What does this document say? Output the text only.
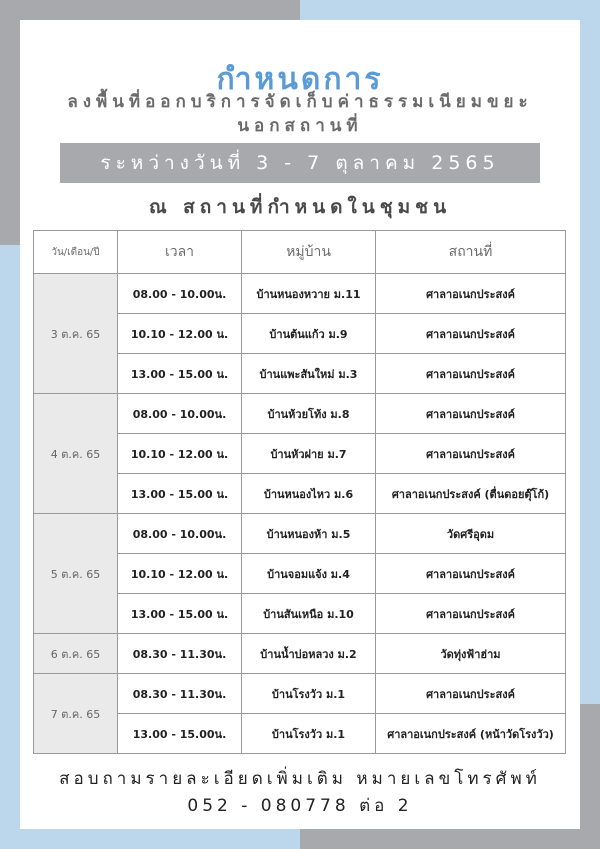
กำหนดการ
ลงพื้นที่ออกบริการจัดเก็บค่าธรรมเนียมขยะนอกสถานที่
ระหว่างวันที่ 3 - 7 ตุลาคม 2565
ณ สถานที่กำหนดในชุมชน
วัน/เดือน/ปี	เวลา	หมู่บ้าน	สถานที่
3 ต.ค. 65	08.00 - 10.00น.	บ้านหนองหวาย ม.11	ศาลาอเนกประสงค์
	10.10 - 12.00 น.	บ้านต้นแก้ว ม.9	ศาลาอเนกประสงค์
	13.00 - 15.00 น.	บ้านแพะสันใหม่ ม.3	ศาลาอเนกประสงค์
4 ต.ค. 65	08.00 - 10.00น.	บ้านห้วยโท้ง ม.8	ศาลาอเนกประสงค์
	10.10 - 12.00 น.	บ้านหัวฝาย ม.7	ศาลาอเนกประสงค์
	13.00 - 15.00 น.	บ้านหนองไหว ม.6	ศาลาอเนกประสงค์ (ตื่นดอยตุ๊โก้)
5 ต.ค. 65	08.00 - 10.00น.	บ้านหนองห้า ม.5	วัดศรีอุดม
	10.10 - 12.00 น.	บ้านจอมแจ้ง ม.4	ศาลาอเนกประสงค์
	13.00 - 15.00 น.	บ้านสันเหนือ ม.10	ศาลาอเนกประสงค์
6 ต.ค. 65	08.30 - 11.30น.	บ้านน้ำบ่อหลวง ม.2	วัดทุ่งฟ้าฮ่าม
7 ต.ค. 65	08.30 - 11.30น.	บ้านโรงวัว ม.1	ศาลาอเนกประสงค์
	13.00 - 15.00น.	บ้านโรงวัว ม.1	ศาลาอเนกประสงค์ (หน้าวัดโรงวัว)
สอบถามรายละเอียดเพิ่มเติม หมายเลขโทรศัพท์
052 - 080778 ต่อ 2
